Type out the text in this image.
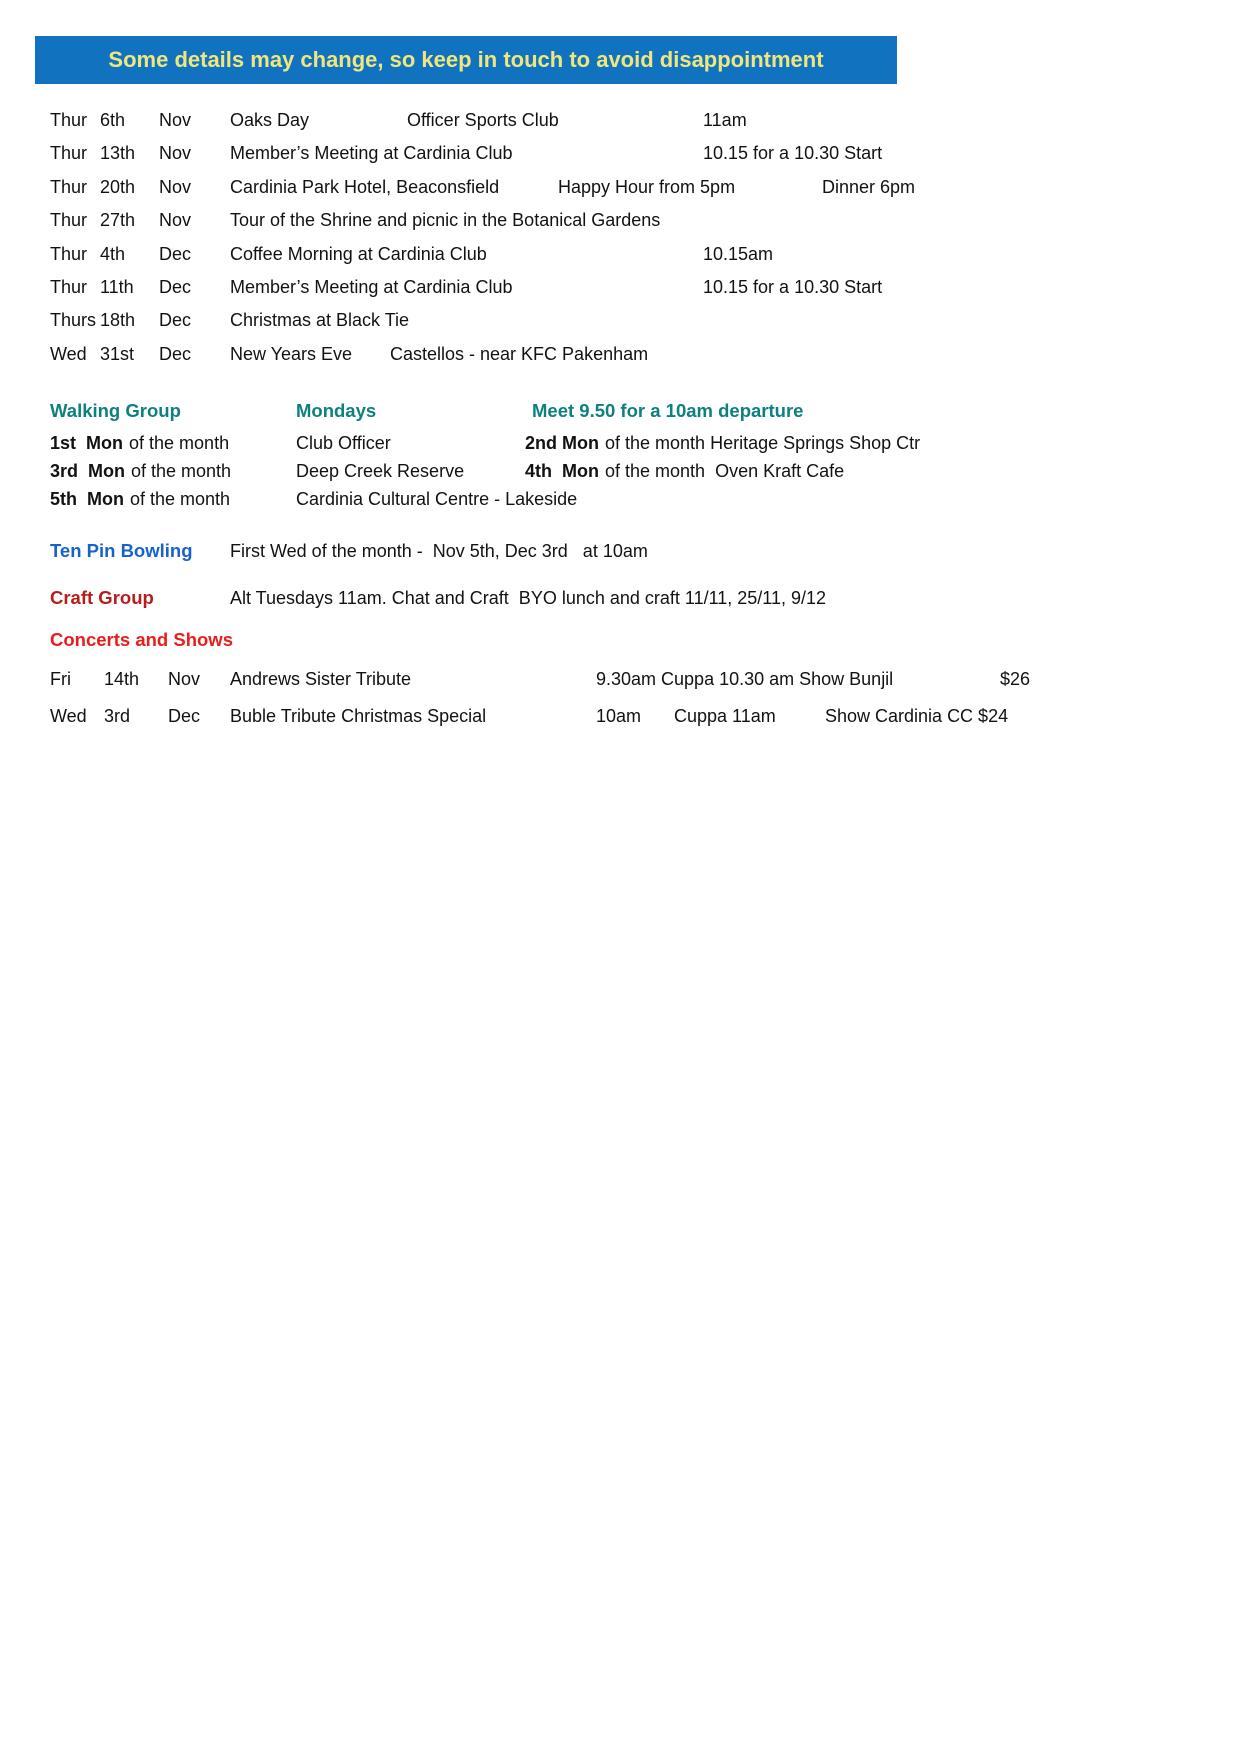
Some details may change, so keep in touch to avoid disappointment
Thur 6th Nov Oaks Day	Officer Sports Club	11am
Thur 13th Nov Member’s Meeting at Cardinia Club	10.15 for a 10.30 Start
Thur 20th Nov Cardinia Park Hotel, Beaconsfield	Happy Hour from 5pm	Dinner 6pm
Thur 27th Nov Tour of the Shrine and picnic in the Botanical Gardens
Thur 4th Dec Coffee Morning at Cardinia Club	10.15am
Thur 11th Dec Member’s Meeting at Cardinia Club	10.15 for a 10.30 Start
Thurs 18th Dec Christmas at Black Tie
Wed 31st Dec New Years Eve Castellos - near KFC Pakenham
Walking Group	Mondays	Meet 9.50 for a 10am departure
1st  Mon of the month	Club Officer	2nd Mon of the month Heritage Springs Shop Ctr
3rd  Mon of the month	Deep Creek Reserve	4th  Mon of the month  Oven Kraft Cafe
5th  Mon of the month	Cardinia Cultural Centre - Lakeside
Ten Pin Bowling First Wed of the month -  Nov 5th, Dec 3rd   at 10am
Craft Group	Alt Tuesdays 11am. Chat and Craft  BYO lunch and craft 11/11, 25/11, 9/12
Concerts and Shows
Fri 14th Nov Andrews Sister Tribute	9.30am Cuppa 10.30 am Show Bunjil	$26
Wed 3rd Dec Buble Tribute Christmas Special	10am Cuppa 11am	Show Cardinia CC $24
